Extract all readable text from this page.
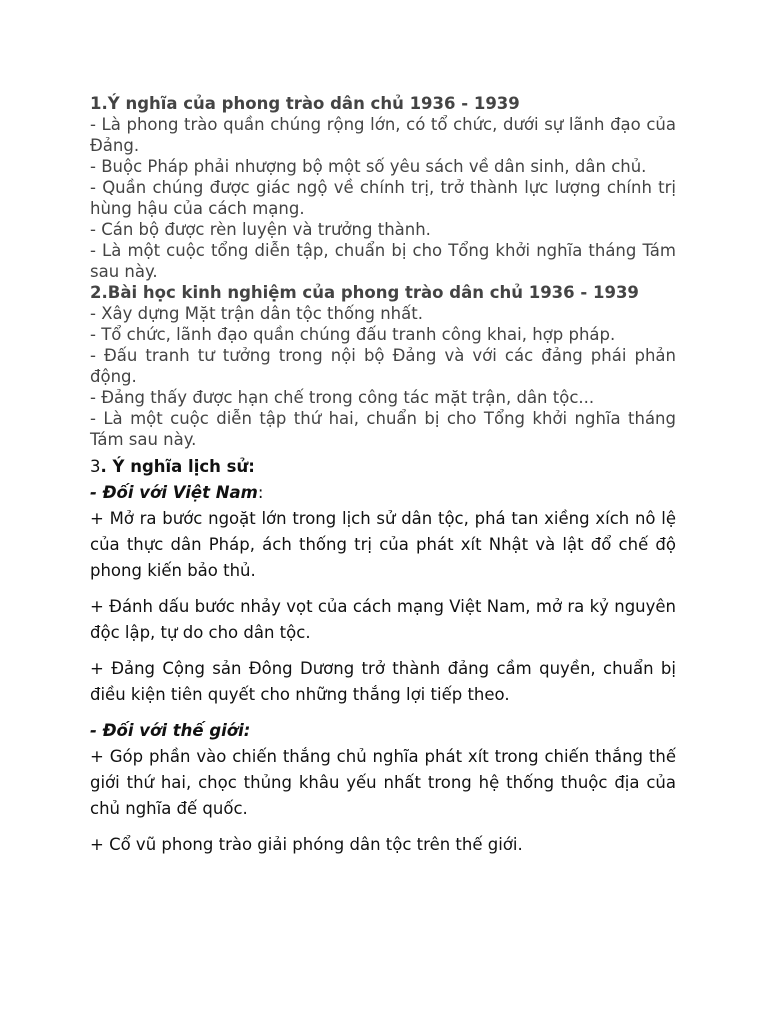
1.Ý nghĩa của phong trào dân chủ 1936 - 1939

- Là phong trào quần chúng rộng lớn, có tổ chức, dưới sự lãnh đạo của Đảng.

- Buộc Pháp phải nhượng bộ một số yêu sách về dân sinh, dân chủ.

- Quần chúng được giác ngộ về chính trị, trở thành lực lượng chính trị hùng hậu của cách mạng.

- Cán bộ được rèn luyện và trưởng thành.

- Là một cuộc tổng diễn tập, chuẩn bị cho Tổng khởi nghĩa tháng Tám sau này.

2.Bài học kinh nghiệm của phong trào dân chủ 1936 - 1939

- Xây dựng Mặt trận dân tộc thống nhất.

- Tổ chức, lãnh đạo quần chúng đấu tranh công khai, hợp pháp.

- Đấu tranh tư tưởng trong nội bộ Đảng và với các đảng phái phản động.

- Đảng thấy được hạn chế trong công tác mặt trận, dân tộc...

- Là một cuộc diễn tập thứ hai, chuẩn bị cho Tổng khởi nghĩa tháng Tám sau này.

3. Ý nghĩa lịch sử:

- Đối với Việt Nam:

+ Mở ra bước ngoặt lớn trong lịch sử dân tộc, phá tan xiềng xích nô lệ của thực dân Pháp, ách thống trị của phát xít Nhật và lật đổ chế độ phong kiến bảo thủ.

+ Đánh dấu bước nhảy vọt của cách mạng Việt Nam, mở ra kỷ nguyên độc lập, tự do cho dân tộc.

+ Đảng Cộng sản Đông Dương trở thành đảng cầm quyền, chuẩn bị điều kiện tiên quyết cho những thắng lợi tiếp theo.

- Đối với thế giới:

+ Góp phần vào chiến thắng chủ nghĩa phát xít trong chiến thắng thế giới thứ hai, chọc thủng khâu yếu nhất trong hệ thống thuộc địa của chủ nghĩa đế quốc.

+ Cổ vũ phong trào giải phóng dân tộc trên thế giới.
